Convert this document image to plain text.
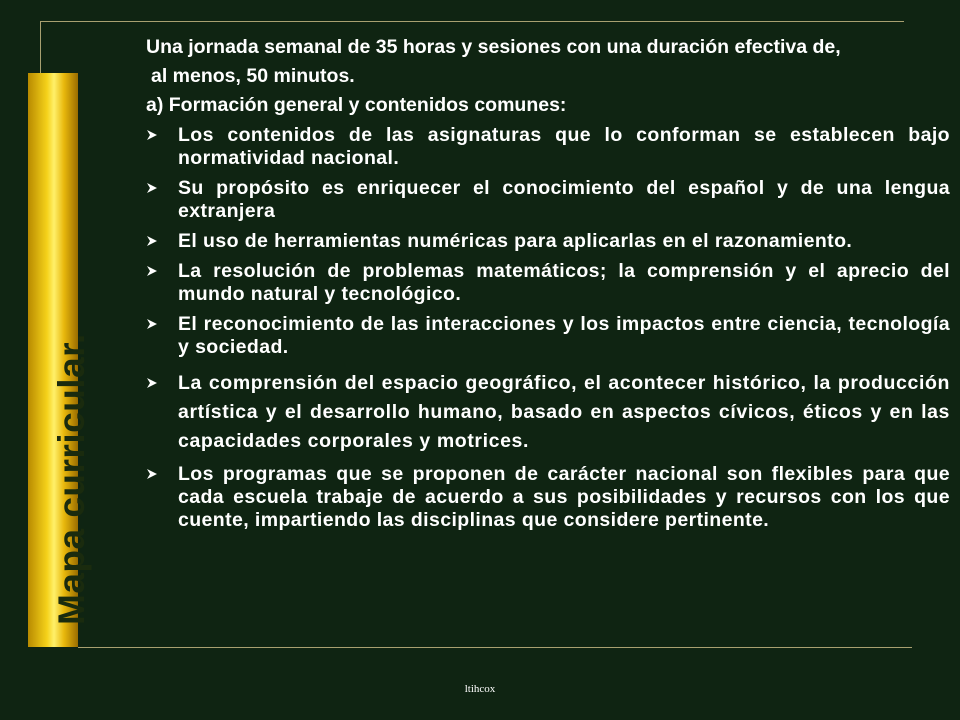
Mapa curricular.

Una jornada semanal de 35 horas y sesiones con una duración efectiva de,

al menos, 50 minutos.

a) Formación general y contenidos comunes:

Los contenidos de las asignaturas que lo conforman se establecen bajo normatividad nacional.
Su propósito es enriquecer el conocimiento del español y de una lengua extranjera
El uso de herramientas numéricas para aplicarlas en el razonamiento.
La resolución de problemas matemáticos; la comprensión y el aprecio del mundo natural y tecnológico.
El reconocimiento de las interacciones y los impactos entre ciencia, tecnología y sociedad.
La comprensión del espacio geográfico, el acontecer histórico, la producción artística y el desarrollo humano, basado en aspectos cívicos, éticos y en las capacidades corporales y motrices.
Los programas que se proponen de carácter nacional son flexibles para que cada escuela trabaje de acuerdo a sus posibilidades y recursos con los que cuente, impartiendo las disciplinas que considere pertinente.
ltihcox
